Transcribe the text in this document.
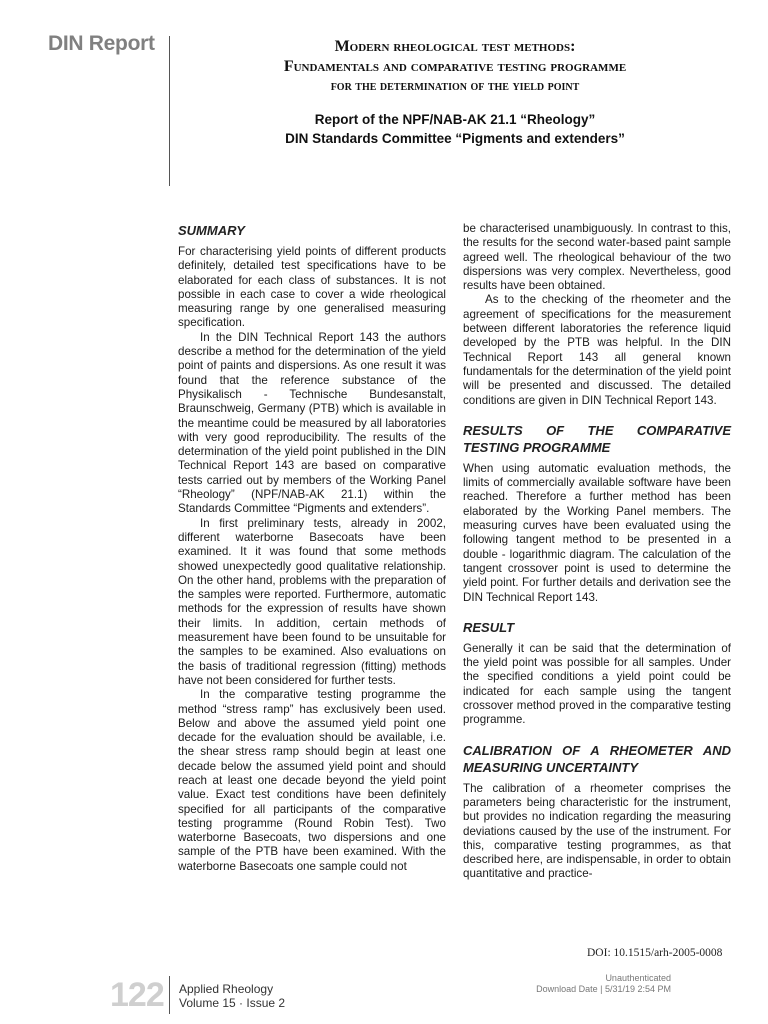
DIN Report	Modern rheological test methods:
Fundamentals and comparative testing programme
for the determination of the yield point
Report of the NPF/NAB-AK 21.1 “Rheology”
DIN Standards Committee “Pigments and extenders”
SUMMARY

For characterising yield points of different products definitely, detailed test specifications have to be elaborated for each class of substances. It is not possible in each case to cover a wide rheological measuring range by one generalised measuring specification.

In the DIN Technical Report 143 the authors describe a method for the determination of the yield point of paints and dispersions. As one result it was found that the reference substance of the Physikalisch - Technische Bundesanstalt, Braunschweig, Germany (PTB) which is available in the meantime could be measured by all laboratories with very good reproducibility. The results of the determination of the yield point published in the DIN Technical Report 143 are based on comparative tests carried out by members of the Working Panel “Rheology” (NPF/NAB-AK 21.1) within the Standards Committee “Pigments and extenders”.

In first preliminary tests, already in 2002, different waterborne Basecoats have been examined. It it was found that some methods showed unexpectedly good qualitative relationship. On the other hand, problems with the preparation of the samples were reported. Furthermore, automatic methods for the expression of results have shown their limits. In addition, certain methods of measurement have been found to be unsuitable for the samples to be examined. Also evaluations on the basis of traditional regression (fitting) methods have not been considered for further tests.

In the comparative testing programme the method “stress ramp” has exclusively been used. Below and above the assumed yield point one decade for the evaluation should be available, i.e. the shear stress ramp should begin at least one decade below the assumed yield point and should reach at least one decade beyond the yield point value. Exact test conditions have been definitely specified for all participants of the comparative testing programme (Round Robin Test). Two waterborne Basecoats, two dispersions and one sample of the PTB have been examined. With the waterborne Basecoats one sample could not

be characterised unambiguously. In contrast to this, the results for the second water-based paint sample agreed well. The rheological behaviour of the two dispersions was very complex. Nevertheless, good results have been obtained.

As to the checking of the rheometer and the agreement of specifications for the measurement between different laboratories the reference liquid developed by the PTB was helpful. In the DIN Technical Report 143 all general known fundamentals for the determination of the yield point will be presented and discussed. The detailed conditions are given in DIN Technical Report 143.

RESULTS OF THE COMPARATIVE TESTING PROGRAMME

When using automatic evaluation methods, the limits of commercially available software have been reached. Therefore a further method has been elaborated by the Working Panel members. The measuring curves have been evaluated using the following tangent method to be presented in a double - logarithmic diagram. The calculation of the tangent crossover point is used to determine the yield point. For further details and derivation see the DIN Technical Report 143.

RESULT

Generally it can be said that the determination of the yield point was possible for all samples. Under the specified conditions a yield point could be indicated for each sample using the tangent crossover method proved in the comparative testing programme.

CALIBRATION OF A RHEOMETER AND MEASURING UNCERTAINTY

The calibration of a rheometer comprises the parameters being characteristic for the instrument, but provides no indication regarding the measuring deviations caused by the use of the instrument. For this, comparative testing programmes, as that described here, are indispensable, in order to obtain quantitative and practice-

DOI: 10.1515/arh-2005-0008
Unauthenticated
Download Date | 5/31/19 2:54 PM
122 Applied Rheology
Volume 15 · Issue 2
